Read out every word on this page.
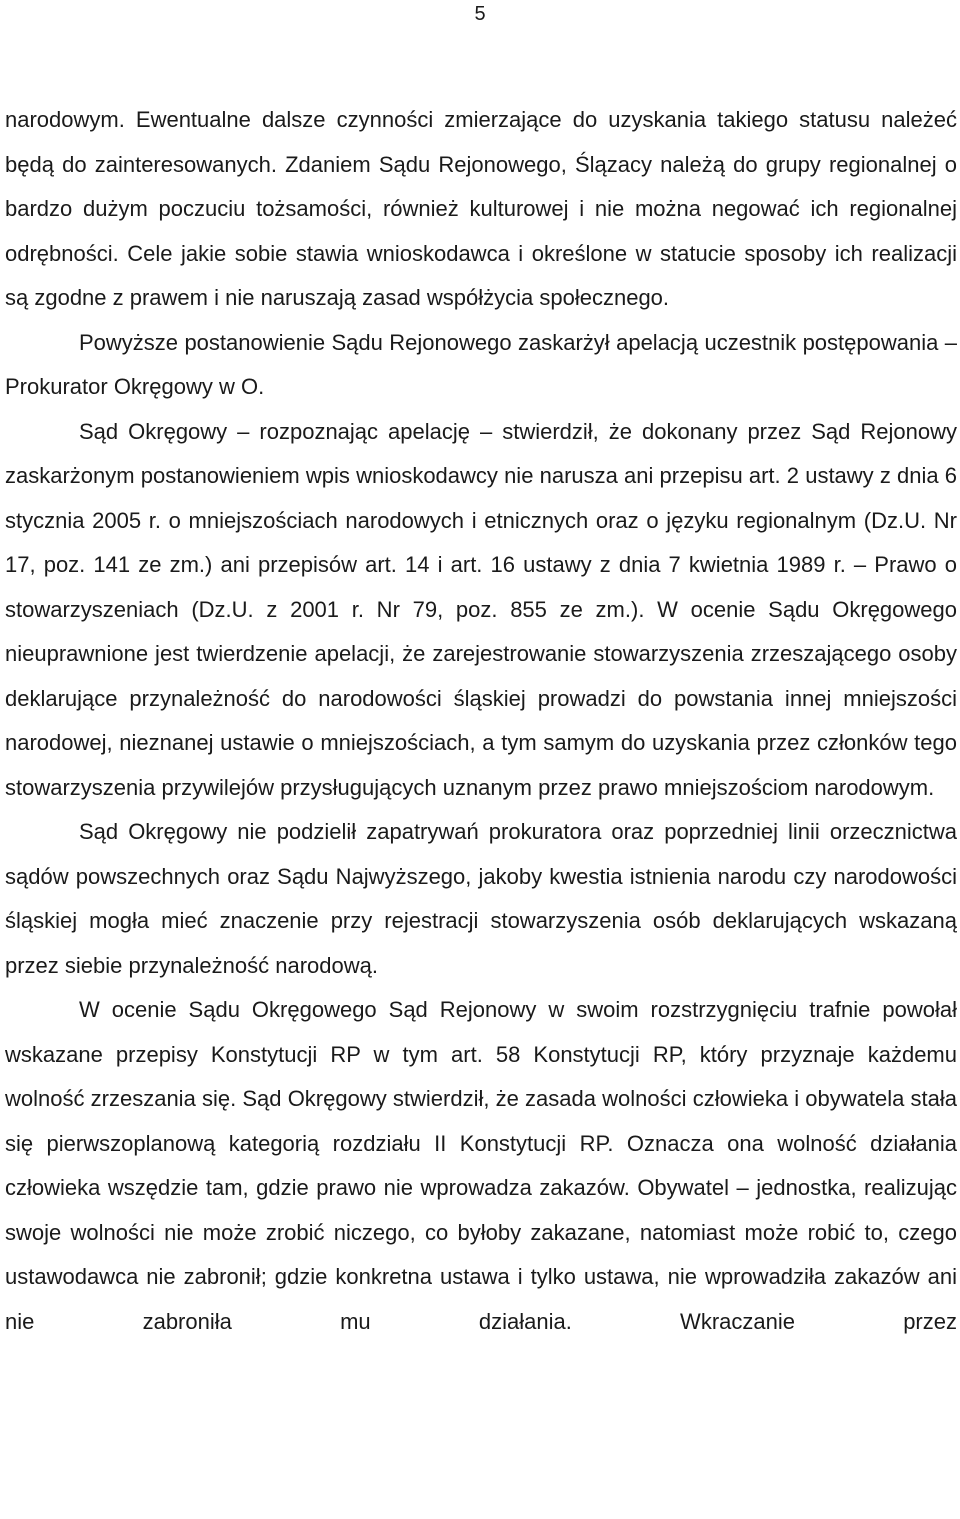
5

narodowym. Ewentualne dalsze czynności zmierzające do uzyskania takiego statusu należeć będą do zainteresowanych. Zdaniem Sądu Rejonowego, Ślązacy należą do grupy regionalnej o bardzo dużym poczuciu tożsamości, również kulturowej i nie można negować ich regionalnej odrębności. Cele jakie sobie stawia wnioskodawca i określone w statucie sposoby ich realizacji są zgodne z prawem i nie naruszają zasad współżycia społecznego.

Powyższe postanowienie Sądu Rejonowego zaskarżył apelacją uczestnik postępowania – Prokurator Okręgowy w O.

Sąd Okręgowy – rozpoznając apelację – stwierdził, że dokonany przez Sąd Rejonowy zaskarżonym postanowieniem wpis wnioskodawcy nie narusza ani przepisu art. 2 ustawy z dnia 6 stycznia 2005 r. o mniejszościach narodowych i etnicznych oraz o języku regionalnym (Dz.U. Nr 17, poz. 141 ze zm.) ani przepisów art. 14 i art. 16 ustawy z dnia 7 kwietnia 1989 r. – Prawo o stowarzyszeniach (Dz.U. z 2001 r. Nr 79, poz. 855 ze zm.). W ocenie Sądu Okręgowego nieuprawnione jest twierdzenie apelacji, że zarejestrowanie stowarzyszenia zrzeszającego osoby deklarujące przynależność do narodowości śląskiej prowadzi do powstania innej mniejszości narodowej, nieznanej ustawie o mniejszościach, a tym samym do uzyskania przez członków tego stowarzyszenia przywilejów przysługujących uznanym przez prawo mniejszościom narodowym.

Sąd Okręgowy nie podzielił zapatrywań prokuratora oraz poprzedniej linii orzecznictwa sądów powszechnych oraz Sądu Najwyższego, jakoby kwestia istnienia narodu czy narodowości śląskiej mogła mieć znaczenie przy rejestracji stowarzyszenia osób deklarujących wskazaną przez siebie przynależność narodową.

W ocenie Sądu Okręgowego Sąd Rejonowy w swoim rozstrzygnięciu trafnie powołał wskazane przepisy Konstytucji RP w tym art. 58 Konstytucji RP, który przyznaje każdemu wolność zrzeszania się. Sąd Okręgowy stwierdził, że zasada wolności człowieka i obywatela stała się pierwszoplanową kategorią rozdziału II Konstytucji RP. Oznacza ona wolność działania człowieka wszędzie tam, gdzie prawo nie wprowadza zakazów. Obywatel – jednostka, realizując swoje wolności nie może zrobić niczego, co byłoby zakazane, natomiast może robić to, czego ustawodawca nie zabronił; gdzie konkretna ustawa i tylko ustawa, nie wprowadziła zakazów ani nie zabroniła mu działania. Wkraczanie przez
